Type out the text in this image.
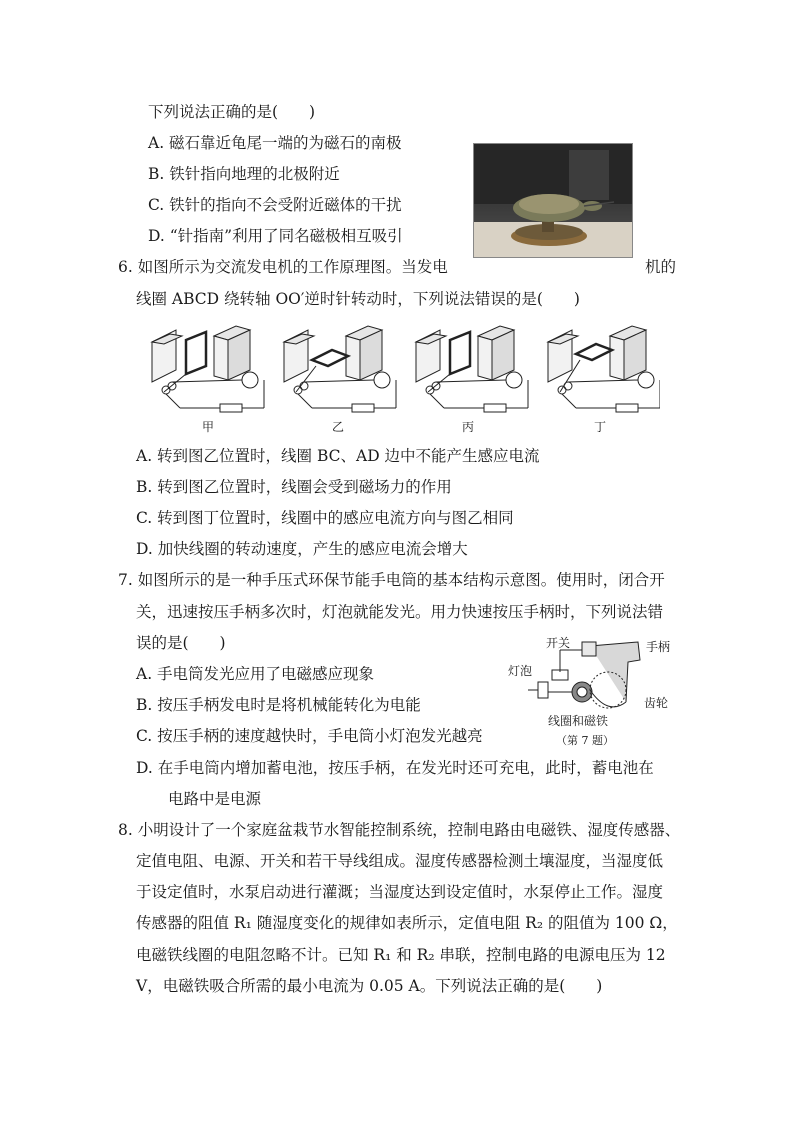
下列说法正确的是(　　)
A. 磁石靠近龟尾一端的为磁石的南极
B. 铁针指向地理的北极附近
C. 铁针的指向不会受附近磁体的干扰
D. “针指南”利用了同名磁极相互吸引
6. 如图所示为交流发电机的工作原理图。当发电	机的
线圈 ABCD 绕转轴 OO′逆时针转动时，下列说法错误的是(　　)
甲	乙	丙	丁
A. 转到图乙位置时，线圈 BC、AD 边中不能产生感应电流
B. 转到图乙位置时，线圈会受到磁场力的作用
C. 转到图丁位置时，线圈中的感应电流方向与图乙相同
D. 加快线圈的转动速度，产生的感应电流会增大
7. 如图所示的是一种手压式环保节能手电筒的基本结构示意图。使用时，闭合开
关，迅速按压手柄多次时，灯泡就能发光。用力快速按压手柄时，下列说法错
误的是(　　)
A. 手电筒发光应用了电磁感应现象
B. 按压手柄发电时是将机械能转化为电能
C. 按压手柄的速度越快时，手电筒小灯泡发光越亮
D. 在手电筒内增加蓄电池，按压手柄，在发光时还可充电，此时，蓄电池在
电路中是电源
开关	手柄
灯泡
齿轮
线圈和磁铁
（第 7 题）
8. 小明设计了一个家庭盆栽节水智能控制系统，控制电路由电磁铁、湿度传感器、
定值电阻、电源、开关和若干导线组成。湿度传感器检测土壤湿度，当湿度低
于设定值时，水泵启动进行灌溉；当湿度达到设定值时，水泵停止工作。湿度
传感器的阻值 R₁ 随湿度变化的规律如表所示，定值电阻 R₂ 的阻值为 100 Ω，
电磁铁线圈的电阻忽略不计。已知 R₁ 和 R₂ 串联，控制电路的电源电压为 12
V，电磁铁吸合所需的最小电流为 0.05 A。下列说法正确的是(　　)
